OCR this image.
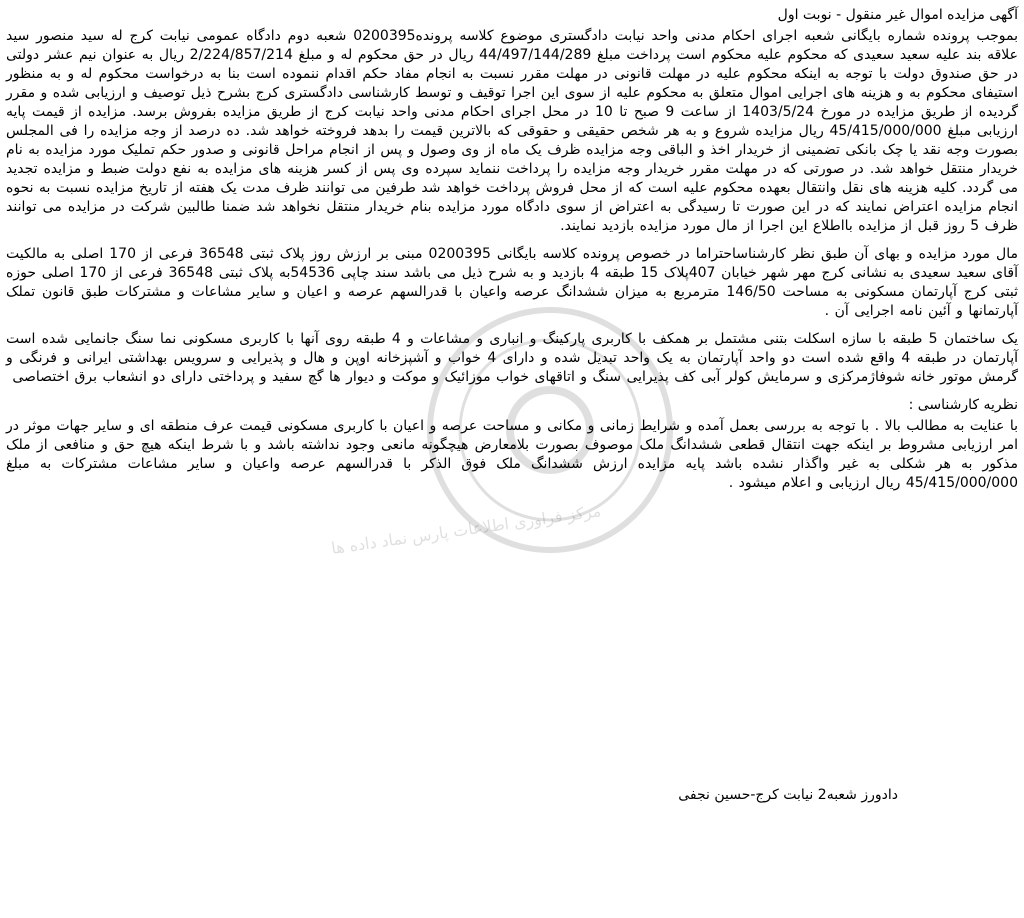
آگهی مزایده اموال غیر منقول - نوبت اول

بموجب پرونده شماره بایگانی شعبه اجرای احکام مدنی واحد نیابت دادگستری موضوع کلاسه پرونده0200395 شعبه دوم دادگاه عمومی نیابت کرج له سید منصور سید علاقه بند علیه سعید سعیدی که محکوم علیه محکوم است پرداخت مبلغ 44/497/144/289 ریال در حق محکوم له و مبلغ 2/224/857/214 ریال به عنوان نیم عشر دولتی در حق صندوق دولت با توجه به اینکه محکوم علیه در مهلت قانونی در مهلت مقرر نسبت به انجام مفاد حکم اقدام ننموده است بنا به درخواست محکوم له و به منظور استیفای محکوم به و هزینه های اجرایی اموال متعلق به محکوم علیه از سوی این اجرا توقیف و توسط کارشناسی دادگستری کرج بشرح ذیل توصیف و ارزیابی شده و مقرر گردیده از طریق مزایده در مورخ 1403/5/24 از ساعت 9 صبح تا 10 در محل اجرای احکام مدنی واحد نیابت کرج از طریق مزایده بفروش برسد. مزایده از قیمت پایه ارزیابی مبلغ 45/415/000/000 ریال مزایده شروع و به هر شخص حقیقی و حقوقی که بالاترین قیمت را بدهد فروخته خواهد شد. ده درصد از وجه مزایده را فی المجلس بصورت وجه نقد یا چک بانکی تضمینی از خریدار اخذ و الباقی وجه مزایده ظرف یک ماه از وی وصول و پس از انجام مراحل قانونی و صدور حکم تملیک مورد مزایده به نام خریدار منتقل خواهد شد. در صورتی که در مهلت مقرر خریدار وجه مزایده را پرداخت ننماید سپرده وی پس از کسر هزینه های مزایده به نفع دولت ضبط و مزایده تجدید می گردد. کلیه هزینه های نقل وانتقال بعهده محکوم علیه است که از محل فروش پرداخت خواهد شد طرفین می توانند ظرف مدت یک هفته از تاریخ مزایده نسبت به نحوه انجام مزایده اعتراض نمایند که در این صورت تا رسیدگی به اعتراض از سوی دادگاه مورد مزایده بنام خریدار منتقل نخواهد شد ضمنا طالبین شرکت در مزایده می توانند ظرف 5 روز قبل از مزایده بااطلاع این اجرا از مال مورد مزایده بازدید نمایند.

مال مورد مزایده و بهای آن طبق نظر کارشناساحتراما در خصوص پرونده کلاسه بایگانی 0200395 مبنی بر ارزش روز پلاک ثبتی 36548 فرعی از 170 اصلی به مالکیت آقای سعید سعیدی به نشانی کرج مهر شهر خیابان 407پلاک 15 طبقه 4 بازدید و به شرح ذیل می باشد سند چاپی 54536به پلاک ثبتی 36548 فرعی از 170 اصلی حوزه ثبتی کرج آپارتمان مسکونی به مساحت 146/50 مترمربع به میزان ششدانگ عرصه واعیان با قدرالسهم عرصه و اعیان و سایر مشاعات و مشترکات طبق قانون تملک آپارتمانها و آئین نامه اجرایی آن .

یک ساختمان 5 طبقه با سازه اسکلت بتنی مشتمل بر همکف با کاربری پارکینگ و انباری و مشاعات و 4 طبقه روی آنها با کاربری مسکونی نما سنگ جانمایی شده است آپارتمان در طبقه 4 واقع شده است دو واحد آپارتمان به یک واحد تبدیل شده و دارای 4 خواب و آشپزخانه اوپن و هال و پذیرایی و سرویس بهداشتی ایرانی و فرنگی و گرمش موتور خانه شوفاژمرکزی و سرمایش کولر آبی کف پذیرایی سنگ و اتاقهای خواب موزائیک و موکت و دیوار ها گچ سفید و پرداختی دارای دو انشعاب برق اختصاصی

نظریه کارشناسی :

با عنایت به مطالب بالا . با توجه به بررسی بعمل آمده و شرایط زمانی و مکانی و مساحت عرصه و اعیان با کاربری مسکونی قیمت عرف منطقه ای و سایر جهات موثر در امر ارزیابی مشروط بر اینکه جهت انتقال قطعی ششدانگ ملک موصوف بصورت بلامعارض هیچگونه مانعی وجود نداشته باشد و با شرط اینکه هیچ حق و منافعی از ملک مذکور به هر شکلی به غیر واگذار نشده باشد پایه مزایده ارزش ششدانگ ملک فوق الذکر با قدرالسهم عرصه واعیان و سایر مشاعات مشترکات به مبلغ 45/415/000/000 ریال ارزیابی و اعلام میشود .

مرکز فراوری اطلاعات پارس نماد داده ها
دادورز شعبه2 نیابت کرج-حسین نجفی
